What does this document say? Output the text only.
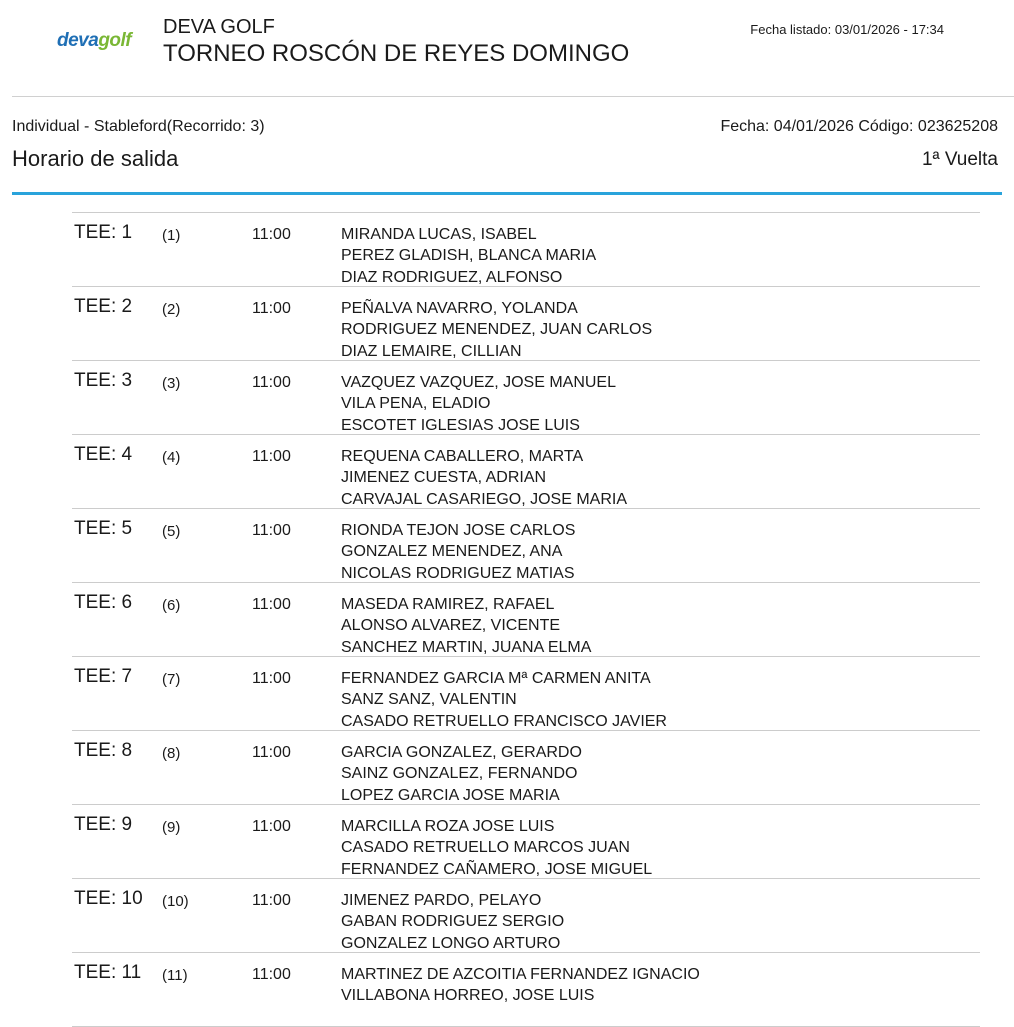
devagolf
DEVA GOLF
TORNEO ROSCÓN DE REYES DOMINGO
Fecha listado: 03/01/2026 - 17:34
Individual - Stableford(Recorrido: 3)	Fecha: 04/01/2026 Código: 023625208
Horario de salida	1ª Vuelta
TEE: 1 (1)	11:00	MIRANDA LUCAS, ISABEL
PEREZ GLADISH, BLANCA MARIA
DIAZ RODRIGUEZ, ALFONSO
TEE: 2 (2)	11:00	PEÑALVA NAVARRO, YOLANDA
RODRIGUEZ MENENDEZ, JUAN CARLOS
DIAZ LEMAIRE, CILLIAN
TEE: 3 (3)	11:00	VAZQUEZ VAZQUEZ, JOSE MANUEL
VILA PENA, ELADIO
ESCOTET IGLESIAS JOSE LUIS
TEE: 4 (4)	11:00	REQUENA CABALLERO, MARTA
JIMENEZ CUESTA, ADRIAN
CARVAJAL CASARIEGO, JOSE MARIA
TEE: 5 (5)	11:00	RIONDA TEJON JOSE CARLOS
GONZALEZ MENENDEZ, ANA
NICOLAS RODRIGUEZ MATIAS
TEE: 6 (6)	11:00	MASEDA RAMIREZ, RAFAEL
ALONSO ALVAREZ, VICENTE
SANCHEZ MARTIN, JUANA ELMA
TEE: 7 (7)	11:00	FERNANDEZ GARCIA Mª CARMEN ANITA
SANZ SANZ, VALENTIN
CASADO RETRUELLO FRANCISCO JAVIER
TEE: 8 (8)	11:00	GARCIA GONZALEZ, GERARDO
SAINZ GONZALEZ, FERNANDO
LOPEZ GARCIA JOSE MARIA
TEE: 9 (9)	11:00	MARCILLA ROZA JOSE LUIS
CASADO RETRUELLO MARCOS JUAN
FERNANDEZ CAÑAMERO, JOSE MIGUEL
TEE: 10 (10)	11:00	JIMENEZ PARDO, PELAYO
GABAN RODRIGUEZ SERGIO
GONZALEZ LONGO ARTURO
TEE: 11 (11)	11:00	MARTINEZ DE AZCOITIA FERNANDEZ IGNACIO
VILLABONA HORREO, JOSE LUIS
